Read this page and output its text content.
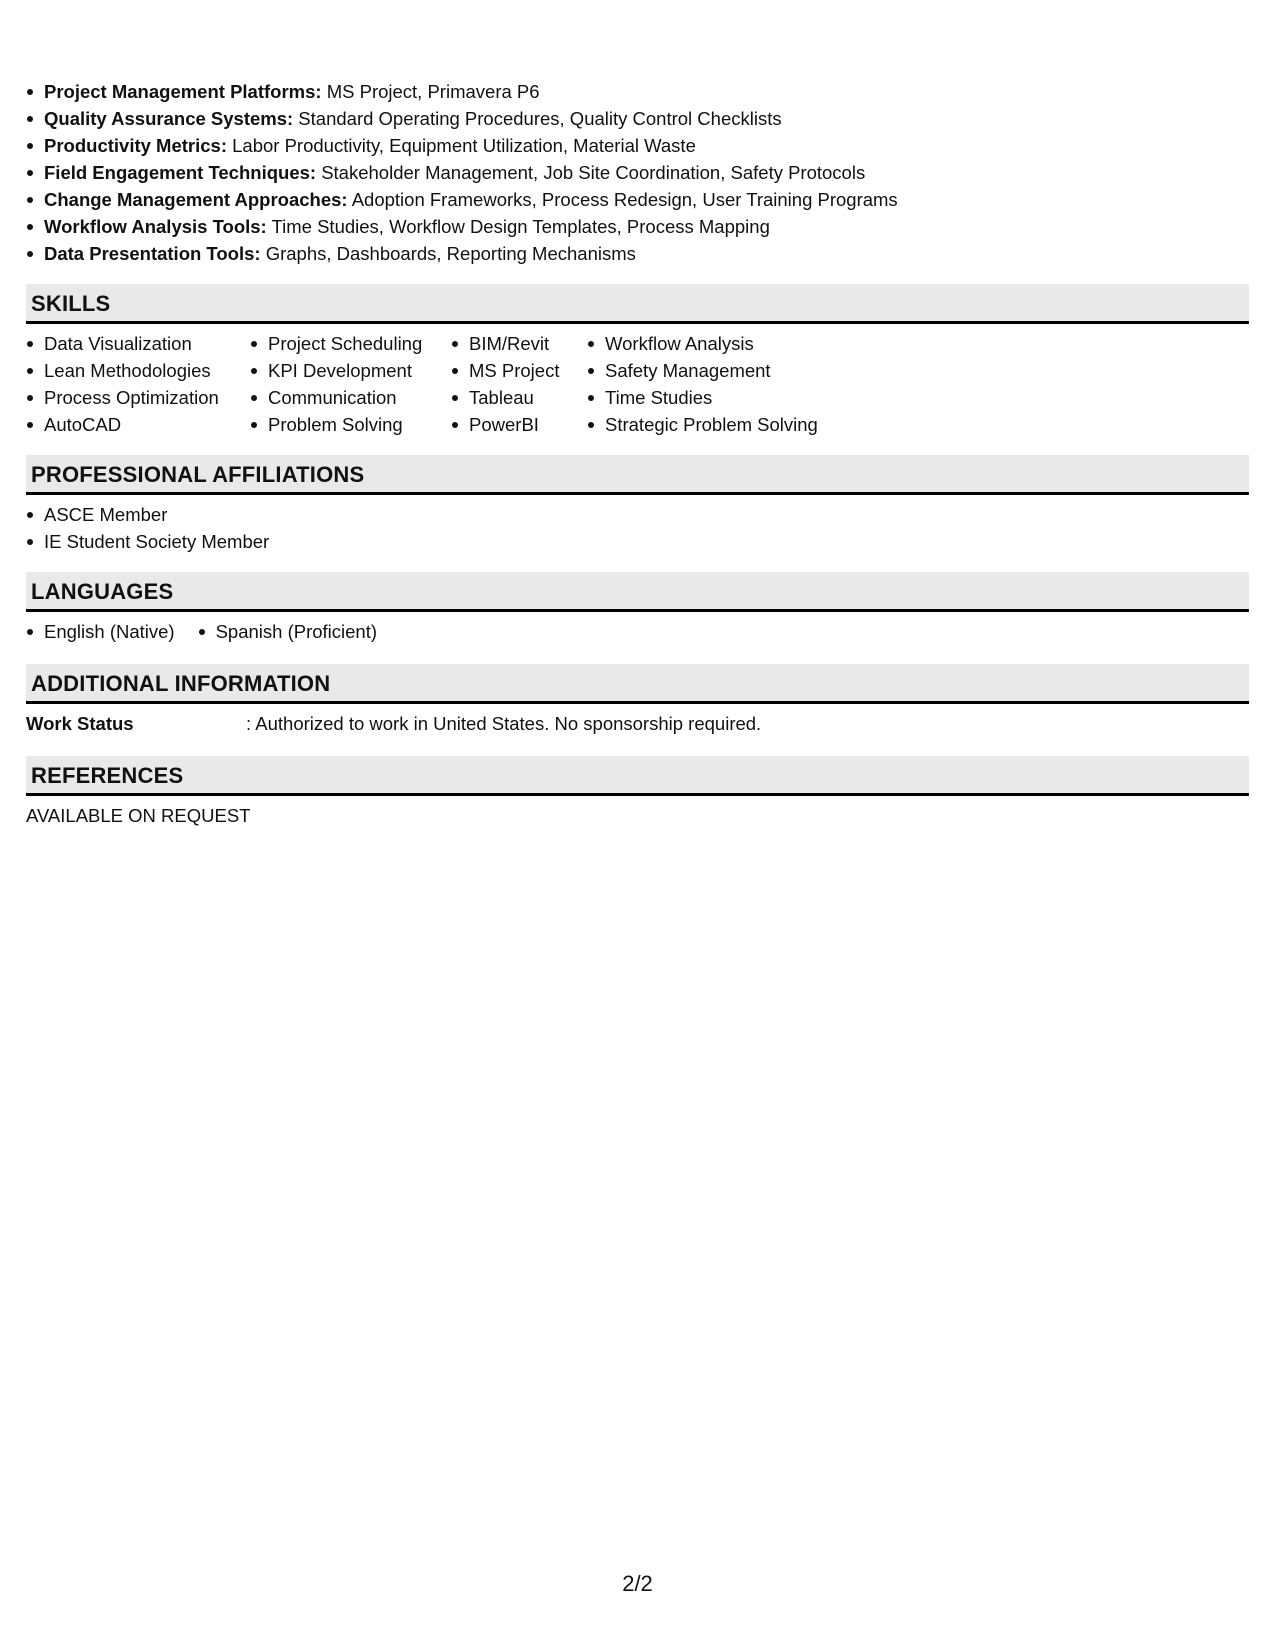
Project Management Platforms: MS Project, Primavera P6
Quality Assurance Systems: Standard Operating Procedures, Quality Control Checklists
Productivity Metrics: Labor Productivity, Equipment Utilization, Material Waste
Field Engagement Techniques: Stakeholder Management, Job Site Coordination, Safety Protocols
Change Management Approaches: Adoption Frameworks, Process Redesign, User Training Programs
Workflow Analysis Tools: Time Studies, Workflow Design Templates, Process Mapping
Data Presentation Tools: Graphs, Dashboards, Reporting Mechanisms
SKILLS
Data Visualization
Lean Methodologies
Process Optimization
AutoCAD
Project Scheduling
KPI Development
Communication
Problem Solving
BIM/Revit
MS Project
Tableau
PowerBI
Workflow Analysis
Safety Management
Time Studies
Strategic Problem Solving
PROFESSIONAL AFFILIATIONS
ASCE Member
IE Student Society Member
LANGUAGES
English (Native)	Spanish (Proficient)
ADDITIONAL INFORMATION
Work Status	: Authorized to work in United States. No sponsorship required.
REFERENCES
AVAILABLE ON REQUEST
2/2
